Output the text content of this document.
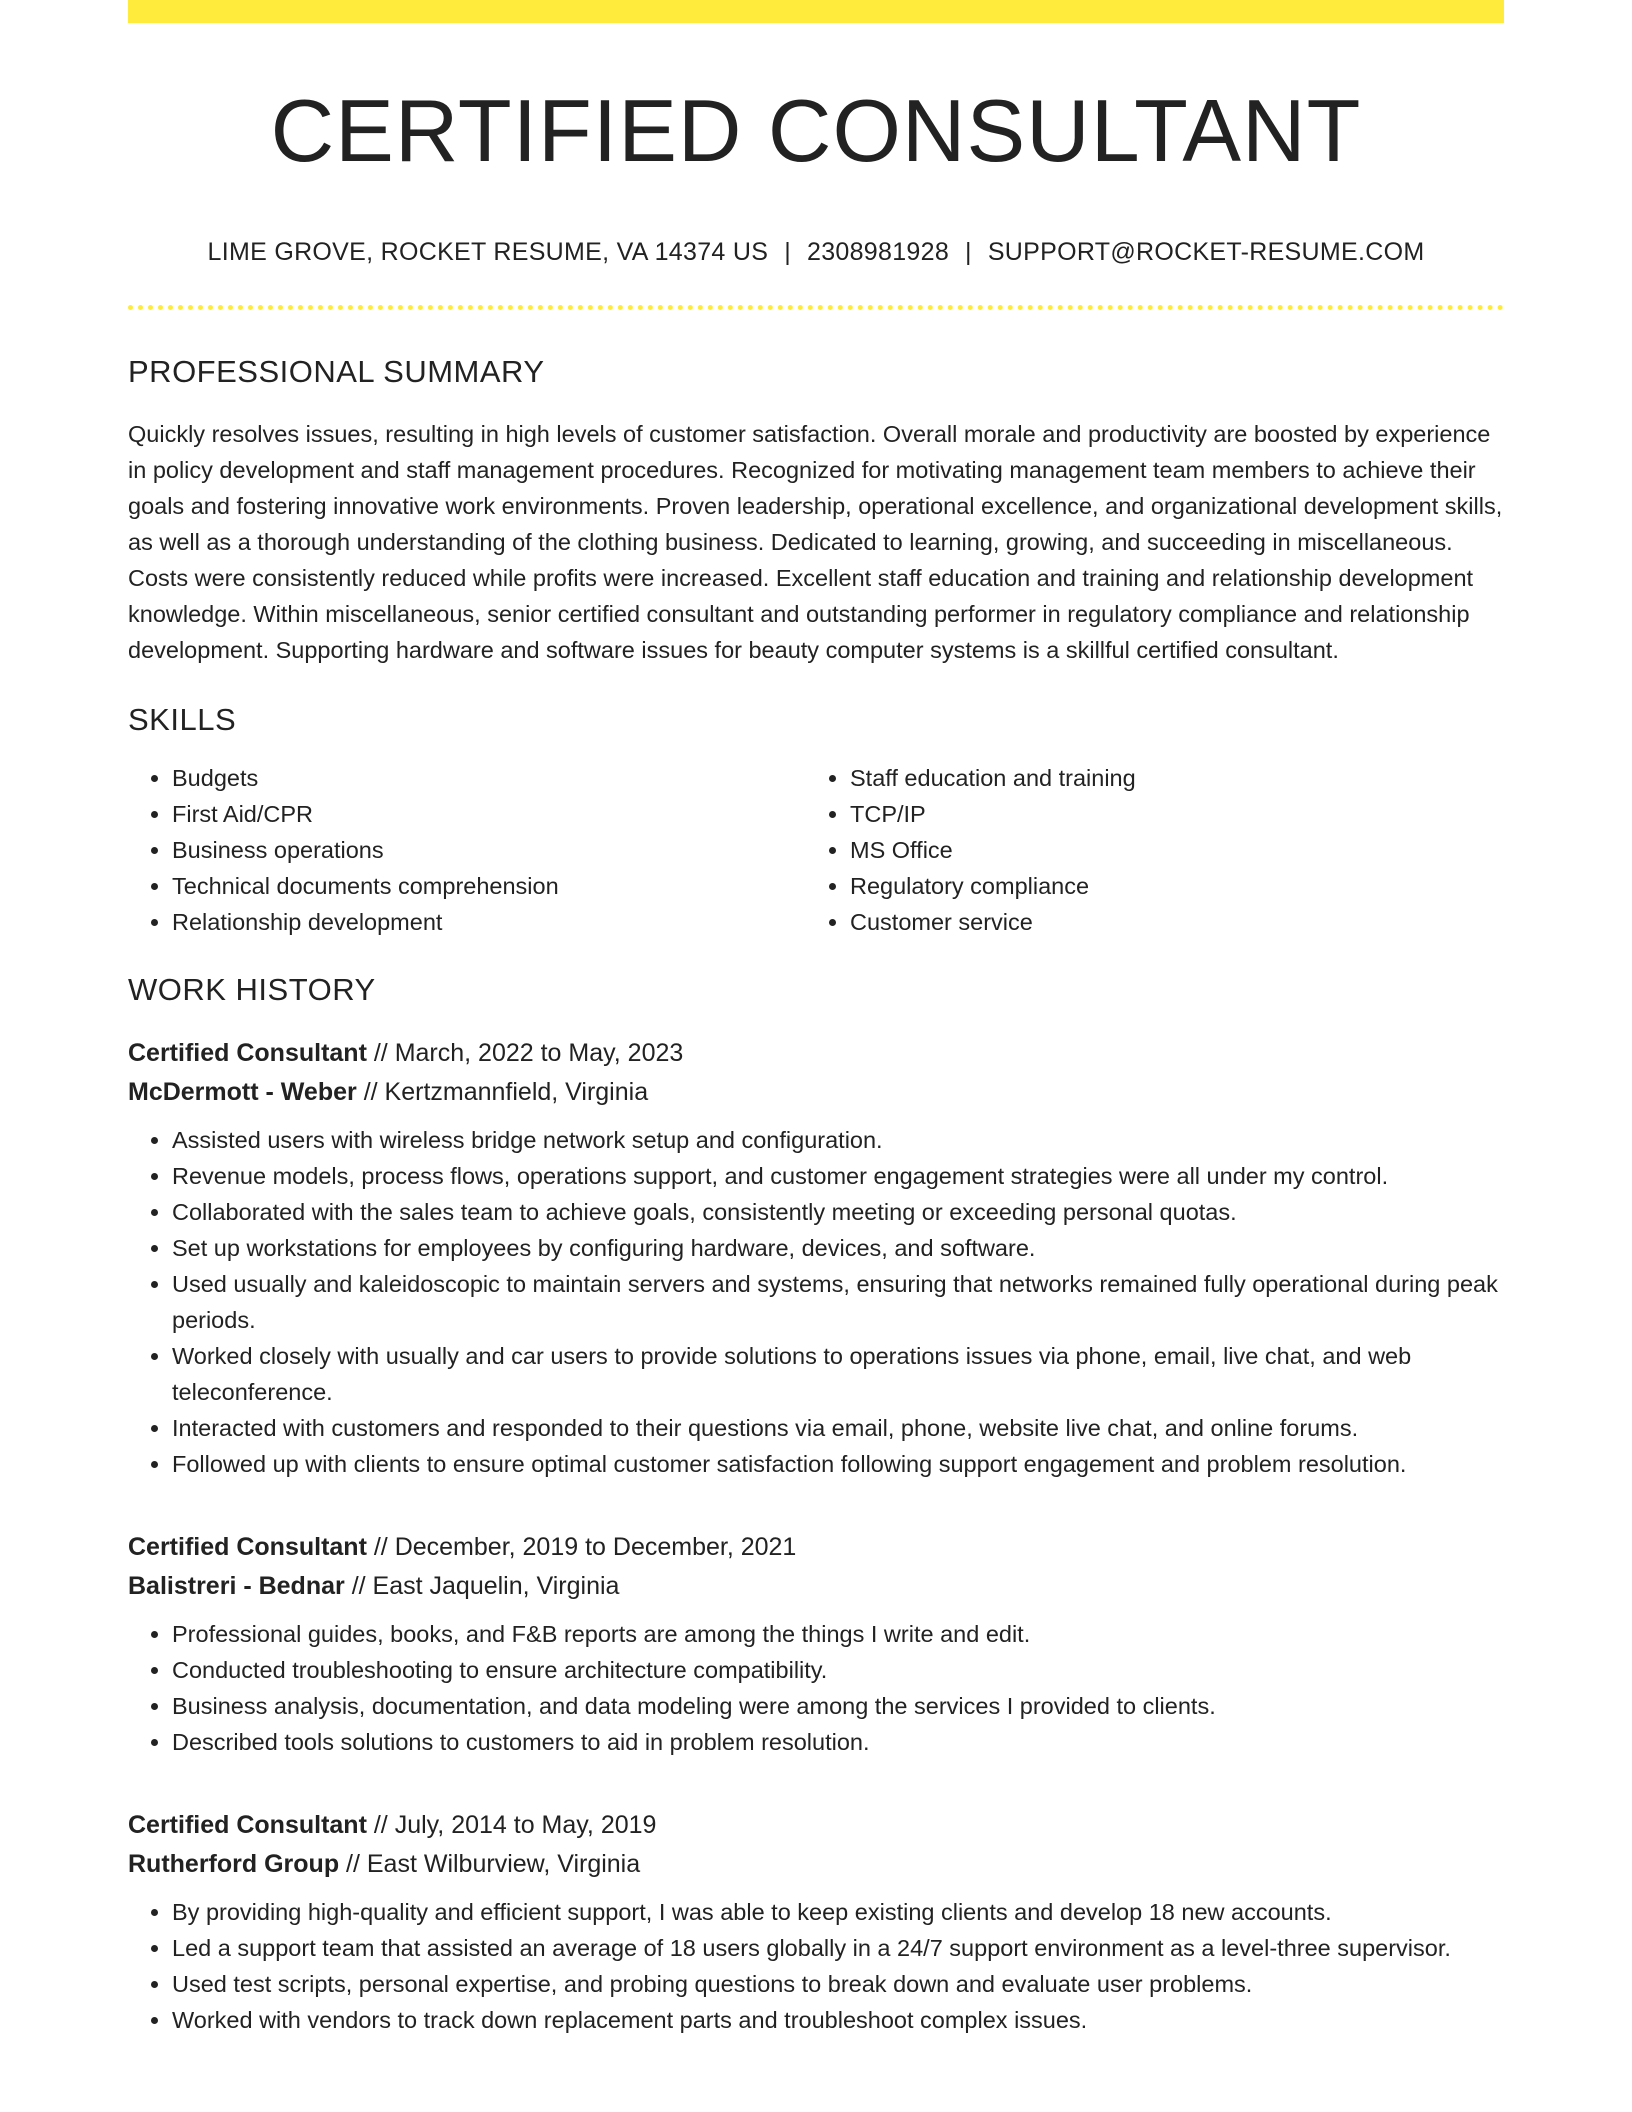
CERTIFIED CONSULTANT
LIME GROVE, ROCKET RESUME, VA 14374 US | 2308981928 | SUPPORT@ROCKET-RESUME.COM
PROFESSIONAL SUMMARY

Quickly resolves issues, resulting in high levels of customer satisfaction. Overall morale and productivity are boosted by experience in policy development and staff management procedures. Recognized for motivating management team members to achieve their goals and fostering innovative work environments. Proven leadership, operational excellence, and organizational development skills, as well as a thorough understanding of the clothing business. Dedicated to learning, growing, and succeeding in miscellaneous. Costs were consistently reduced while profits were increased. Excellent staff education and training and relationship development knowledge. Within miscellaneous, senior certified consultant and outstanding performer in regulatory compliance and relationship development. Supporting hardware and software issues for beauty computer systems is a skillful certified consultant.

SKILLS
• Budgets
• First Aid/CPR
• Business operations
• Technical documents comprehension
• Relationship development
• Staff education and training
• TCP/IP
• MS Office
• Regulatory compliance
• Customer service
WORK HISTORY
Certified Consultant // March, 2022 to May, 2023
McDermott - Weber // Kertzmannfield, Virginia
• Assisted users with wireless bridge network setup and configuration.
• Revenue models, process flows, operations support, and customer engagement strategies were all under my control.
• Collaborated with the sales team to achieve goals, consistently meeting or exceeding personal quotas.
• Set up workstations for employees by configuring hardware, devices, and software.
• Used usually and kaleidoscopic to maintain servers and systems, ensuring that networks remained fully operational during peak periods.
• Worked closely with usually and car users to provide solutions to operations issues via phone, email, live chat, and web teleconference.
• Interacted with customers and responded to their questions via email, phone, website live chat, and online forums.
• Followed up with clients to ensure optimal customer satisfaction following support engagement and problem resolution.
Certified Consultant // December, 2019 to December, 2021
Balistreri - Bednar // East Jaquelin, Virginia
• Professional guides, books, and F&B reports are among the things I write and edit.
• Conducted troubleshooting to ensure architecture compatibility.
• Business analysis, documentation, and data modeling were among the services I provided to clients.
• Described tools solutions to customers to aid in problem resolution.
Certified Consultant // July, 2014 to May, 2019
Rutherford Group // East Wilburview, Virginia
• By providing high-quality and efficient support, I was able to keep existing clients and develop 18 new accounts.
• Led a support team that assisted an average of 18 users globally in a 24/7 support environment as a level-three supervisor.
• Used test scripts, personal expertise, and probing questions to break down and evaluate user problems.
• Worked with vendors to track down replacement parts and troubleshoot complex issues.
